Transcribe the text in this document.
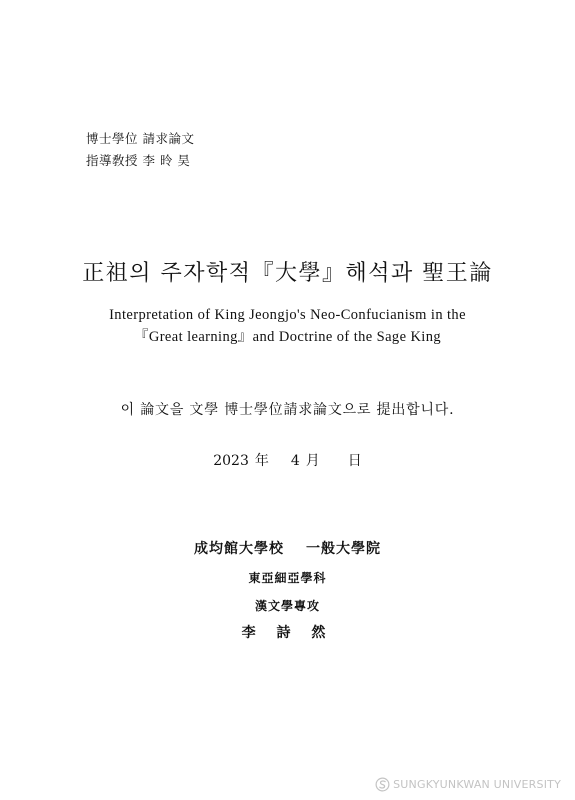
博士學位 請求論文
指導敎授 李 昤 昊
正祖의 주자학적『大學』해석과 聖王論
Interpretation of King Jeongjo's Neo-Confucianism in the
『Great learning』and Doctrine of the Sage King
이 論文을 文學 博士學位請求論文으로 提出합니다.
2023 年 4 月 日
成均館大學校 一般大學院
東亞細亞學科
漢文學專攻
李 詩 然
SUNGKYUNKWAN UNIVERSITY
